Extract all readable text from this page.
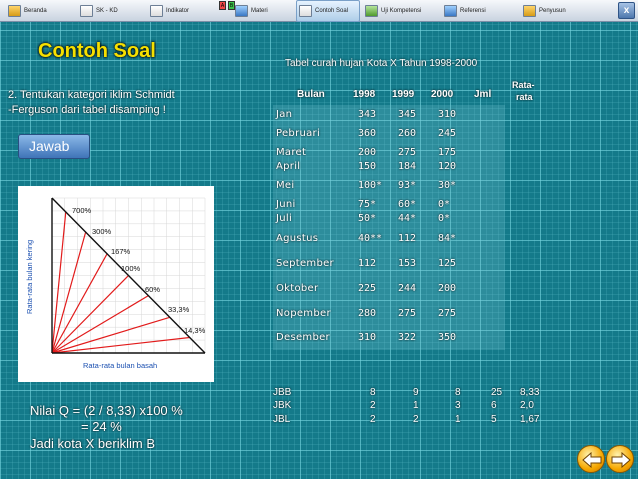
Beranda	SK - KD	Indikator
A	B
Materi	Contoh Soal	Uji Kompetensi	Referensi	Penyusun	x
Contoh Soal
2. Tentukan kategori iklim Schmidt
-Ferguson dari tabel disamping !
Jawab
700%
300%
167%
100%
60%
33,3%
14,3%
Rata-rata bulan kering
Rata-rata bulan basah
Tabel curah hujan Kota X Tahun 1998-2000
Bulan	1998 1999 2000 Jml
Rata-
rata
Jan	343 345 310
Pebruari	360 260 245
Maret	200 275 175
April	150 184 120
Mei	100* 93* 30*
Juni	75* 60* 0*
Juli	50* 44* 0*
Agustus	40** 112 84*
September 112 153 125
Oktober	225 244 200
Nopember	280 275 275
Desember	310 322 350
JBB	8	9	8	25 8,33
JBK	2	1	3	6 2,0
JBL	2	2	1	5 1,67
Nilai Q = (2 / 8,33) x100 %
= 24 %
Jadi kota X beriklim B
